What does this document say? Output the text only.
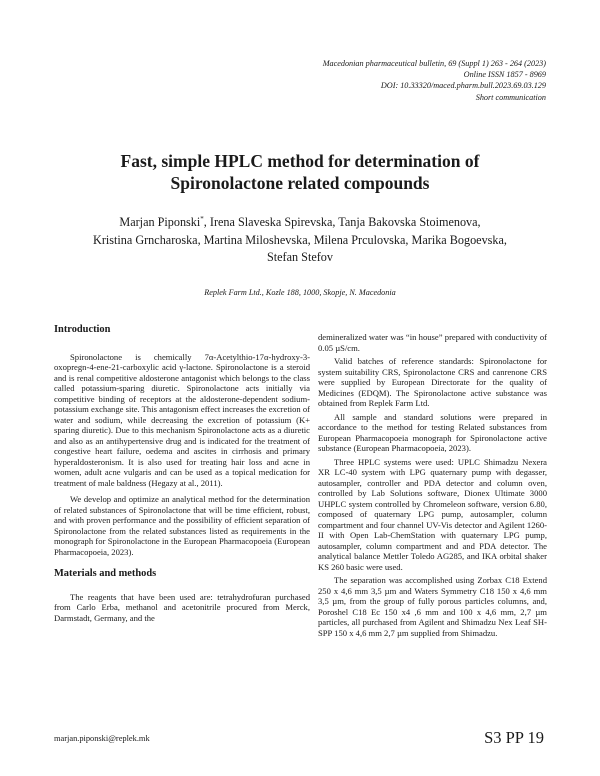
Macedonian pharmaceutical bulletin, 69 (Suppl 1) 263 - 264 (2023)
Online ISSN 1857 - 8969
DOI: 10.33320/maced.pharm.bull.2023.69.03.129
Short communication
Fast, simple HPLC method for determination of
Spironolactone related compounds
Marjan Piponski*, Irena Slaveska Spirevska, Tanja Bakovska Stoimenova,
Kristina Grncharoska, Martina Miloshevska, Milena Prculovska, Marika Bogoevska,
Stefan Stefov
Replek Farm Ltd., Kozle 188, 1000, Skopje, N. Macedonia
Introduction

Spironolactone is chemically 7α-Acetylthio-17α-hydroxy-3-oxopregn-4-ene-21-carboxylic acid γ-lactone. Spironolactone is a steroid and is renal competitive aldosterone antagonist which belongs to the class called potassium-sparing diuretic. Spironolactone acts initially via competitive binding of receptors at the aldosterone-dependent sodium-potassium exchange site. This antagonism effect increases the excretion of water and sodium, while decreasing the excretion of potassium (K+ sparing diuretic). Due to this mechanism Spironolactone acts as a diuretic and also as an antihypertensive drug and is indicated for the treatment of congestive heart failure, oedema and ascites in cirrhosis and primary hyperaldosteronism. It is also used for treating hair loss and acne in women, adult acne vulgaris and can be used as a topical medication for treatment of male baldness (Hegazy at al., 2011).

We develop and optimize an analytical method for the determination of related substances of Spironolactone that will be time efficient, robust, and with proven performance and the possibility of efficient separation of Spironolactone from the related substances listed as requirements in the monograph for Spironolactone in the European Pharmacopoeia (European Pharmacopoeia, 2023).

Materials and methods

The reagents that have been used are: tetrahydrofuran purchased from Carlo Erba, methanol and acetonitrile procured from Merck, Darmstadt, Germany, and the

demineralized water was “in house” prepared with conductivity of 0.05 µS/cm.

Valid batches of reference standards: Spironolactone for system suitability CRS, Spironolactone CRS and canrenone CRS were supplied by European Directorate for the quality of Medicines (EDQM). The Spironolactone active substance was obtained from Replek Farm Ltd.

All sample and standard solutions were prepared in accordance to the method for testing Related substances from European Pharmacopoeia monograph for Spironolactone active substance (European Pharmacopoeia, 2023).

Three HPLC systems were used: UPLC Shimadzu Nexera XR LC-40 system with LPG quaternary pump with degasser, autosampler, controller and PDA detector and column oven, controlled by Lab Solutions software, Dionex Ultimate 3000 UHPLC system controlled by Chromeleon software, version 6.80, composed of quaternary LPG pump, autosampler, column compartment and four channel UV-Vis detector and Agilent 1260-II with Open Lab-ChemStation with quaternary LPG pump, autosampler, column compartment and and PDA detector. The analytical balance Mettler Toledo AG285, and IKA orbital shaker KS 260 basic were used.

The separation was accomplished using Zorbax C18 Extend 250 x 4,6 mm 3,5 µm and Waters Symmetry C18 150 x 4,6 mm 3,5 µm, from the group of fully porous particles columns, and, Poroshel C18 Ec 150 x4 ,6 mm and 100 x 4,6 mm, 2,7 µm particles, all purchased from Agilent and Shimadzu Nex Leaf SH-SPP 150 x 4,6 mm 2,7 µm supplied from Shimadzu.

marjan.piponski@replek.mk	S3 PP 19
